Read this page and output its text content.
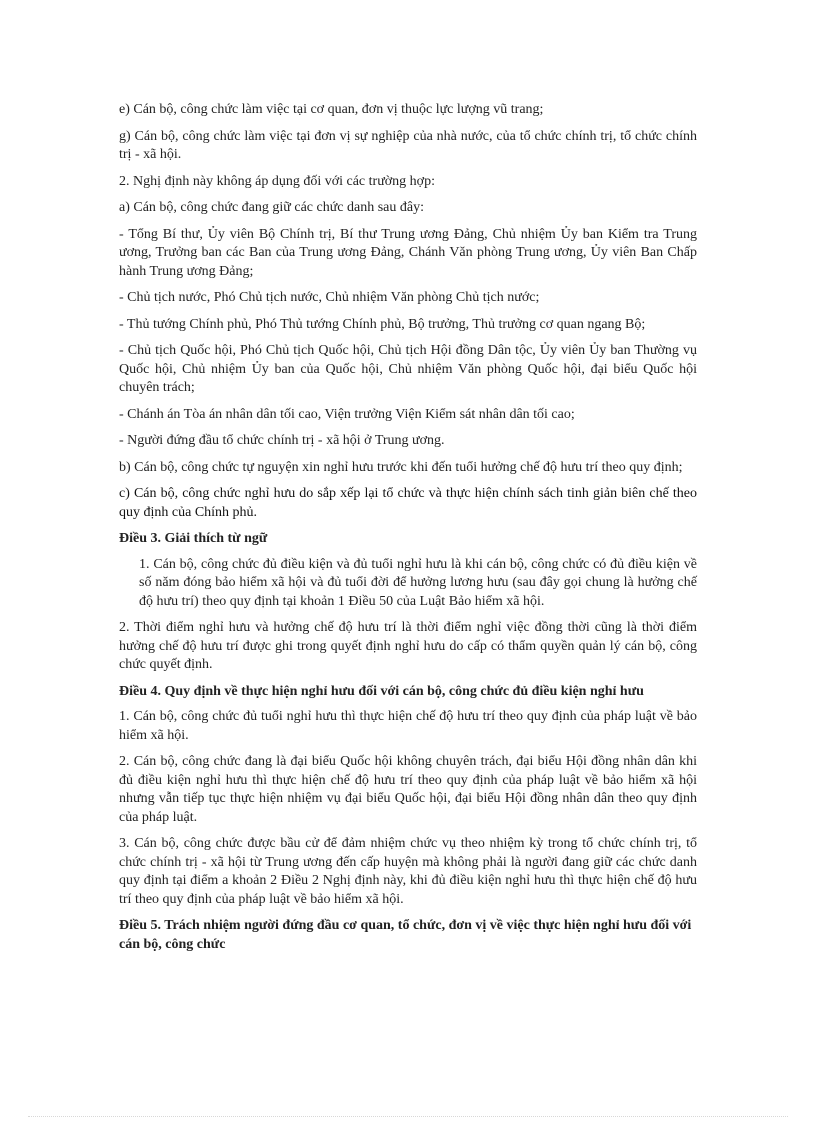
e) Cán bộ, công chức làm việc tại cơ quan, đơn vị thuộc lực lượng vũ trang;

g) Cán bộ, công chức làm việc tại đơn vị sự nghiệp của nhà nước, của tổ chức chính trị, tổ chức chính trị - xã hội.

2. Nghị định này không áp dụng đối với các trường hợp:

a) Cán bộ, công chức đang giữ các chức danh sau đây:

- Tổng Bí thư, Ủy viên Bộ Chính trị, Bí thư Trung ương Đảng, Chủ nhiệm Ủy ban Kiểm tra Trung ương, Trưởng ban các Ban của Trung ương Đảng, Chánh Văn phòng Trung ương, Ủy viên Ban Chấp hành Trung ương Đảng;

- Chủ tịch nước, Phó Chủ tịch nước, Chủ nhiệm Văn phòng Chủ tịch nước;

- Thủ tướng Chính phủ, Phó Thủ tướng Chính phủ, Bộ trưởng, Thủ trưởng cơ quan ngang Bộ;

- Chủ tịch Quốc hội, Phó Chủ tịch Quốc hội, Chủ tịch Hội đồng Dân tộc, Ủy viên Ủy ban Thường vụ Quốc hội, Chủ nhiệm Ủy ban của Quốc hội, Chủ nhiệm Văn phòng Quốc hội, đại biểu Quốc hội chuyên trách;

- Chánh án Tòa án nhân dân tối cao, Viện trưởng Viện Kiểm sát nhân dân tối cao;

- Người đứng đầu tổ chức chính trị - xã hội ở Trung ương.

b) Cán bộ, công chức tự nguyện xin nghỉ hưu trước khi đến tuổi hưởng chế độ hưu trí theo quy định;

c) Cán bộ, công chức nghỉ hưu do sắp xếp lại tổ chức và thực hiện chính sách tinh giản biên chế theo quy định của Chính phủ.

Điều 3. Giải thích từ ngữ

1. Cán bộ, công chức đủ điều kiện và đủ tuổi nghỉ hưu là khi cán bộ, công chức có đủ điều kiện về số năm đóng bảo hiểm xã hội và đủ tuổi đời để hưởng lương hưu (sau đây gọi chung là hưởng chế độ hưu trí) theo quy định tại khoản 1 Điều 50 của Luật Bảo hiểm xã hội.

2. Thời điểm nghỉ hưu và hưởng chế độ hưu trí là thời điểm nghỉ việc đồng thời cũng là thời điểm hưởng chế độ hưu trí được ghi trong quyết định nghỉ hưu do cấp có thẩm quyền quản lý cán bộ, công chức quyết định.

Điều 4. Quy định về thực hiện nghỉ hưu đối với cán bộ, công chức đủ điều kiện nghỉ hưu

1. Cán bộ, công chức đủ tuổi nghỉ hưu thì thực hiện chế độ hưu trí theo quy định của pháp luật về bảo hiểm xã hội.

2. Cán bộ, công chức đang là đại biểu Quốc hội không chuyên trách, đại biểu Hội đồng nhân dân khi đủ điều kiện nghỉ hưu thì thực hiện chế độ hưu trí theo quy định của pháp luật về bảo hiểm xã hội nhưng vẫn tiếp tục thực hiện nhiệm vụ đại biểu Quốc hội, đại biểu Hội đồng nhân dân theo quy định của pháp luật.

3. Cán bộ, công chức được bầu cử để đảm nhiệm chức vụ theo nhiệm kỳ trong tổ chức chính trị, tổ chức chính trị - xã hội từ Trung ương đến cấp huyện mà không phải là người đang giữ các chức danh quy định tại điểm a khoản 2 Điều 2 Nghị định này, khi đủ điều kiện nghỉ hưu thì thực hiện chế độ hưu trí theo quy định của pháp luật về bảo hiểm xã hội.

Điều 5. Trách nhiệm người đứng đầu cơ quan, tổ chức, đơn vị về việc thực hiện nghỉ hưu đối với cán bộ, công chức
